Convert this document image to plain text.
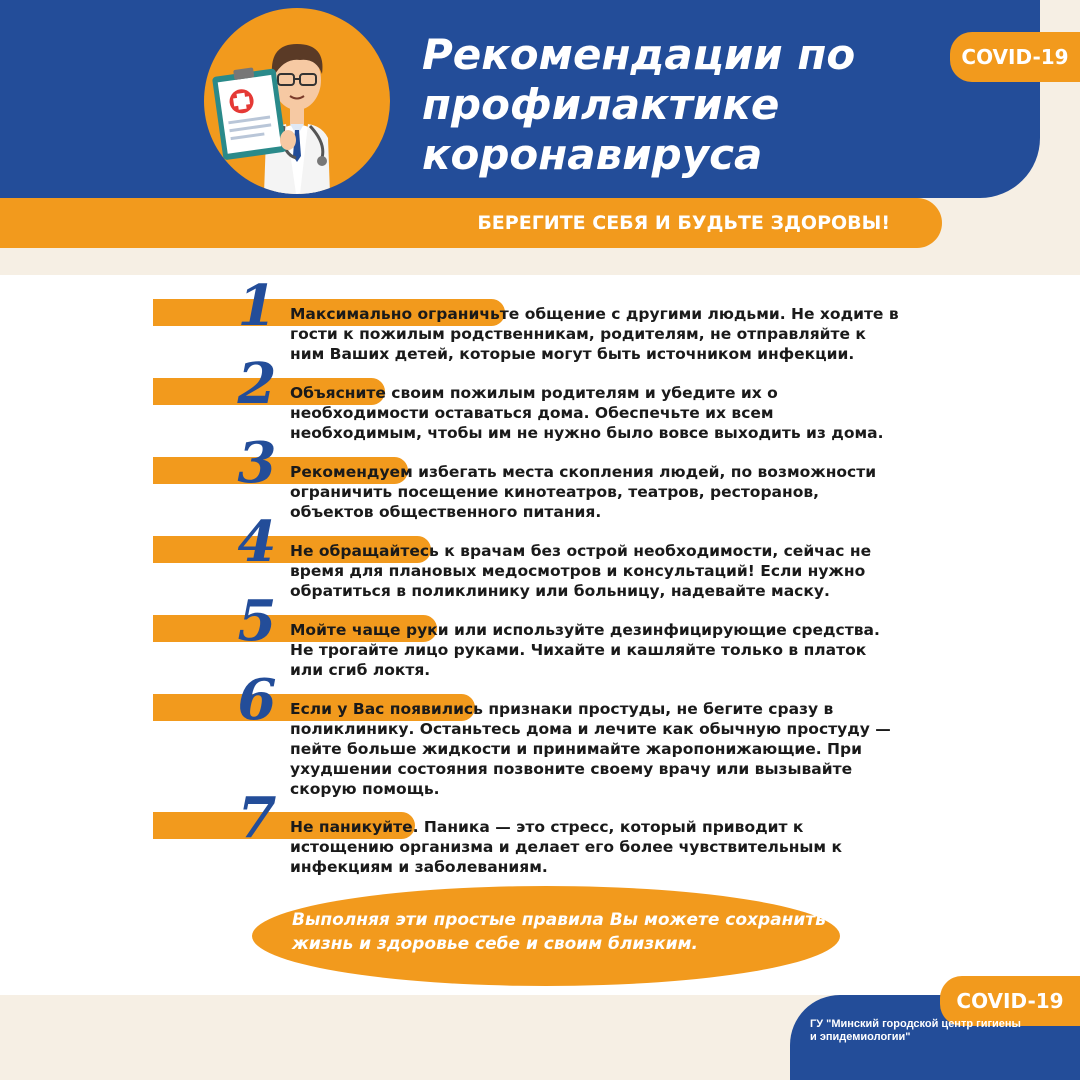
Рекомендации по профилактике коронавируса
COVID-19
БЕРЕГИТЕ СЕБЯ И БУДЬТЕ ЗДОРОВЫ!
1 Максимально ограничьте общение с другими людьми. Не ходите в гости к пожилым родственникам, родителям, не отправляйте к ним Ваших детей, которые могут быть источником инфекции.
2 Объясните своим пожилым родителям и убедите их о необходимости оставаться дома. Обеспечьте их всем необходимым, чтобы им не нужно было вовсе выходить из дома.
3 Рекомендуем избегать места скопления людей, по возможности ограничить посещение кинотеатров, театров, ресторанов, объектов общественного питания.
4 Не обращайтесь к врачам без острой необходимости, сейчас не время для плановых медосмотров и консультаций! Если нужно обратиться в поликлинику или больницу, надевайте маску.
5 Мойте чаще руки или используйте дезинфицирующие средства. Не трогайте лицо руками. Чихайте и кашляйте только в платок или сгиб локтя.
6 Если у Вас появились признаки простуды, не бегите сразу в поликлинику. Останьтесь дома и лечите как обычную простуду — пейте больше жидкости и принимайте жаропонижающие. При ухудшении состояния позвоните своему врачу или вызывайте скорую помощь.
7 Не паникуйте. Паника — это стресс, который приводит к истощению организма и делает его более чувствительным к инфекциям и заболеваниям.
Выполняя эти простые правила Вы можете сохранить жизнь и здоровье себе и своим близким.
COVID-19
ГУ "Минский городской центр гигиены и эпидемиологии"
